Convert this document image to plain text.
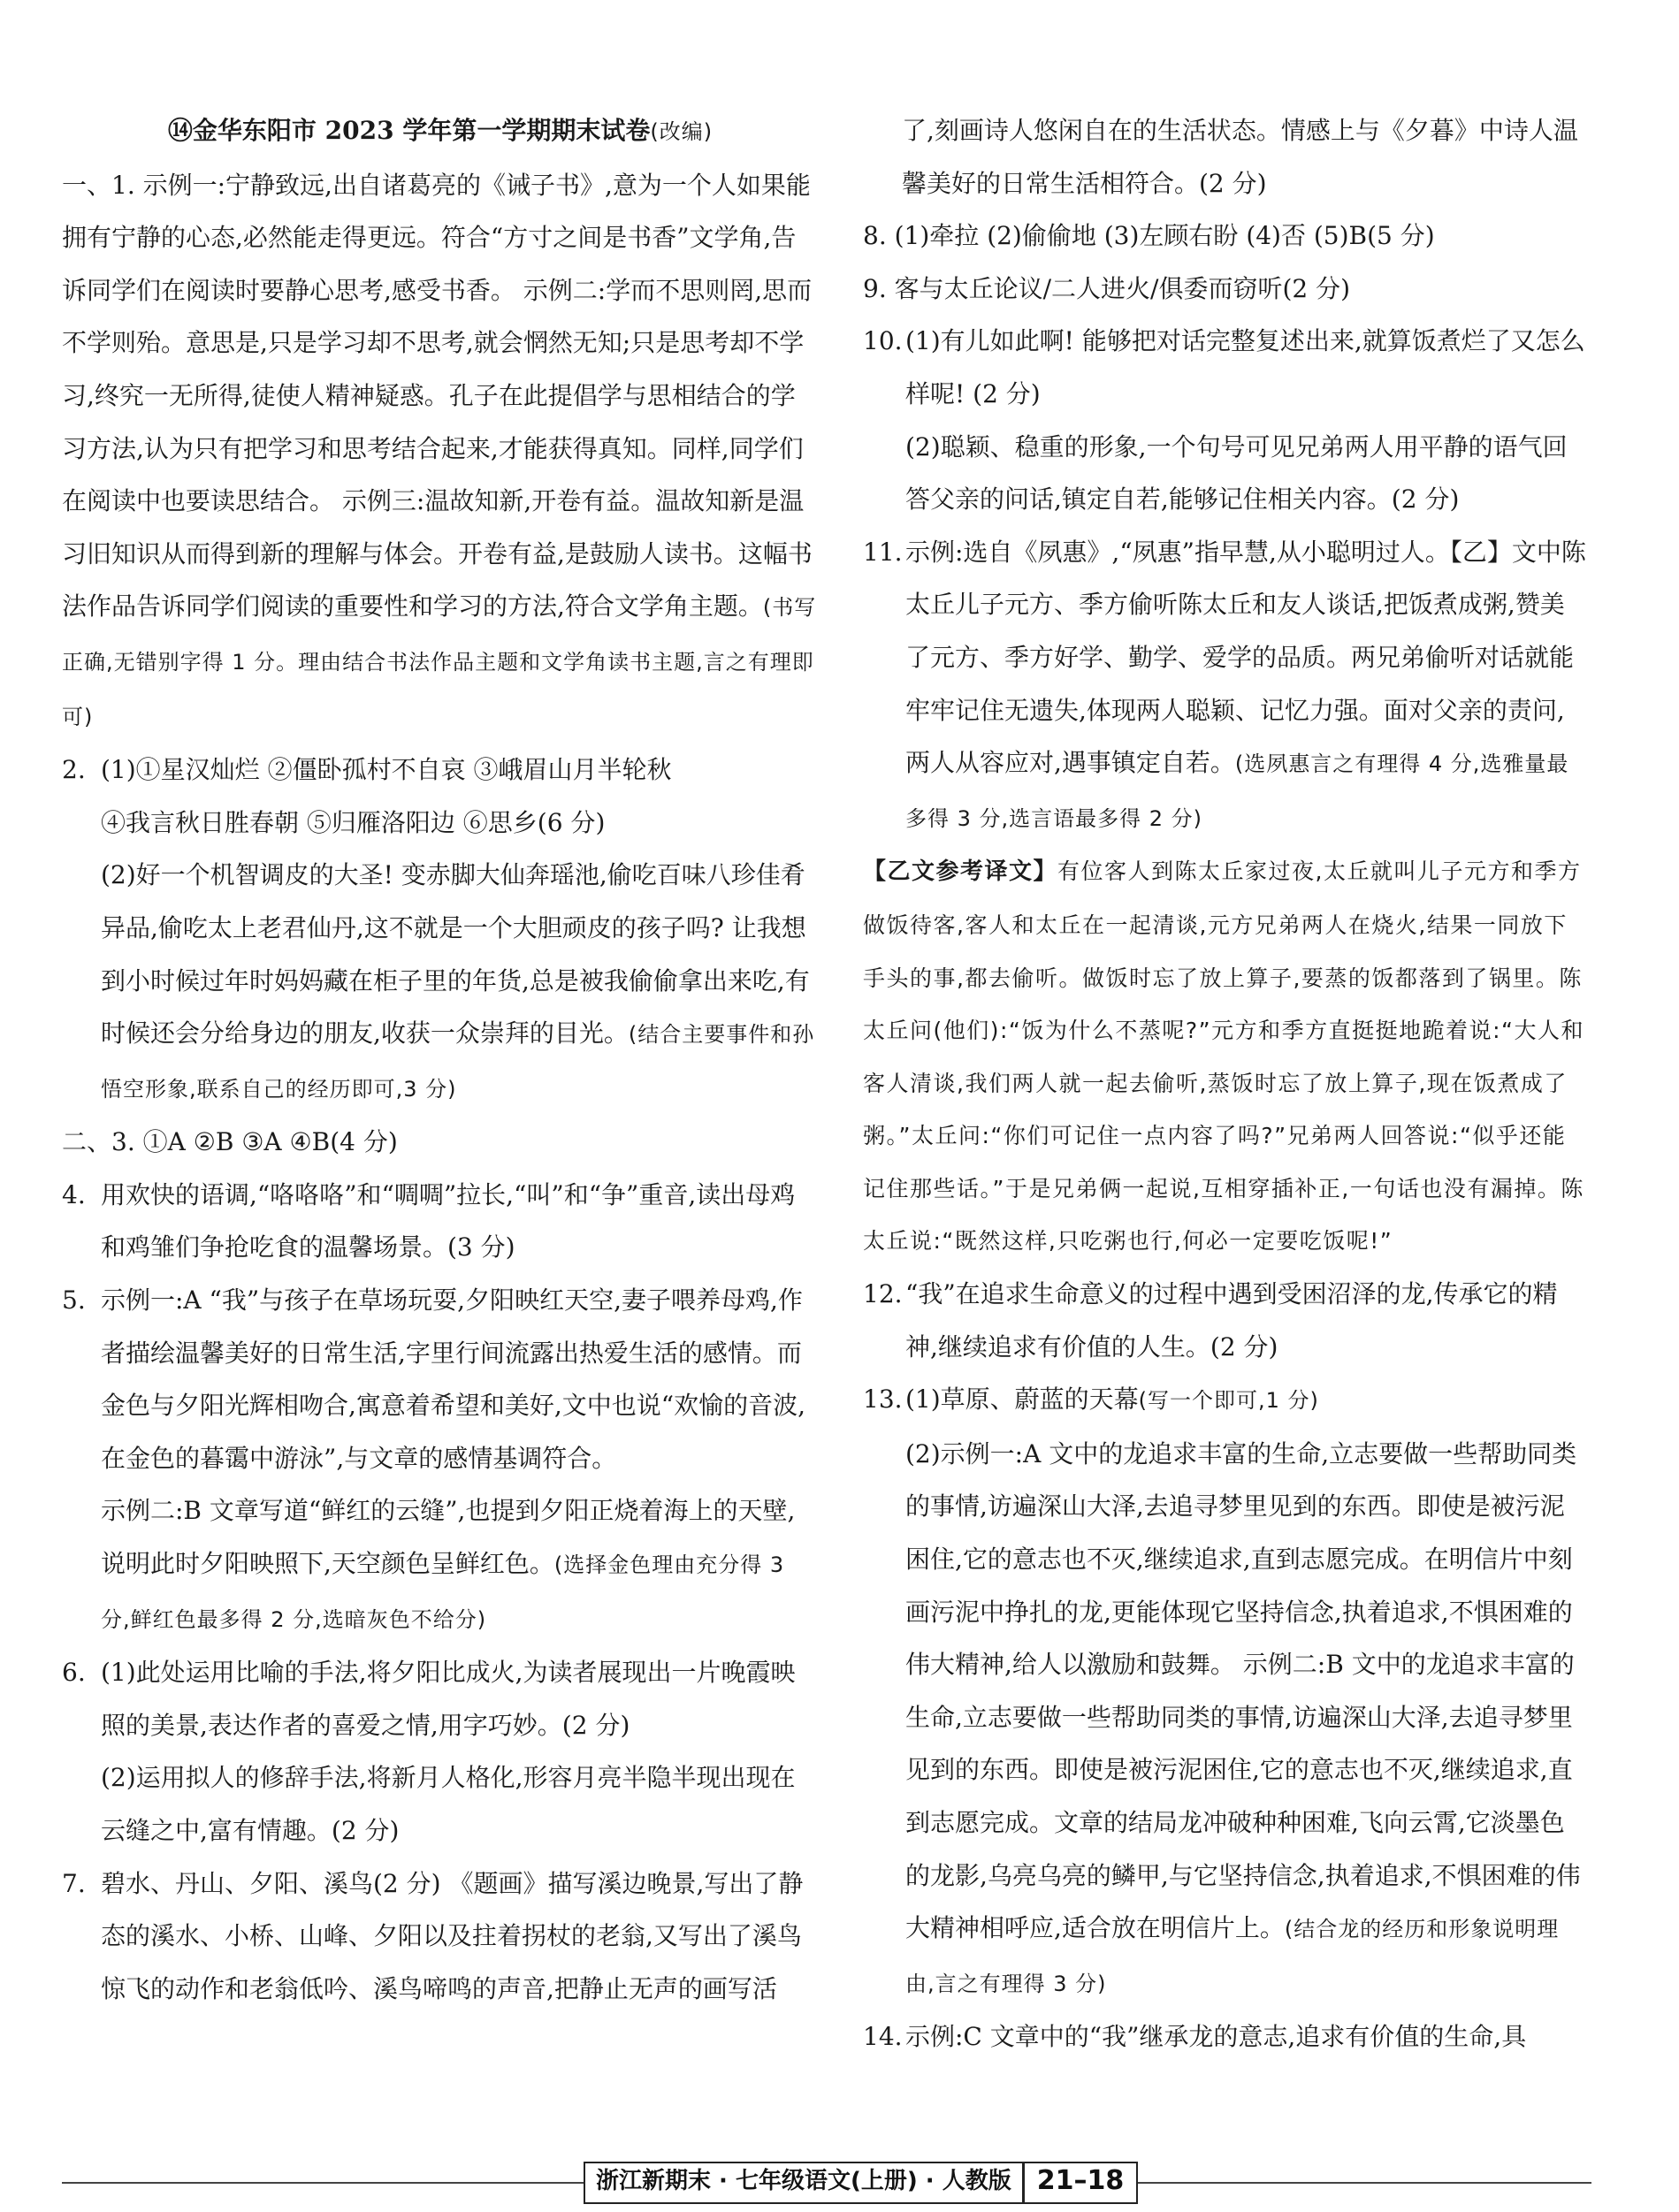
⑭金华东阳市 2023 学年第一学期期末试卷(改编)

一、1. 示例一:宁静致远,出自诸葛亮的《诫子书》,意为一个人如果能拥有宁静的心态,必然能走得更远。符合“方寸之间是书香”文学角,告诉同学们在阅读时要静心思考,感受书香。 示例二:学而不思则罔,思而不学则殆。意思是,只是学习却不思考,就会惘然无知;只是思考却不学习,终究一无所得,徒使人精神疑惑。孔子在此提倡学与思相结合的学习方法,认为只有把学习和思考结合起来,才能获得真知。同样,同学们在阅读中也要读思结合。 示例三:温故知新,开卷有益。温故知新是温习旧知识从而得到新的理解与体会。开卷有益,是鼓励人读书。这幅书法作品告诉同学们阅读的重要性和学习的方法,符合文学角主题。(书写正确,无错别字得 1 分。理由结合书法作品主题和文学角读书主题,言之有理即可)

2. (1)①星汉灿烂 ②僵卧孤村不自哀 ③峨眉山月半轮秋

④我言秋日胜春朝 ⑤归雁洛阳边 ⑥思乡(6 分)

(2)好一个机智调皮的大圣! 变赤脚大仙奔瑶池,偷吃百味八珍佳肴异品,偷吃太上老君仙丹,这不就是一个大胆顽皮的孩子吗? 让我想到小时候过年时妈妈藏在柜子里的年货,总是被我偷偷拿出来吃,有时候还会分给身边的朋友,收获一众崇拜的目光。(结合主要事件和孙悟空形象,联系自己的经历即可,3 分)

二、3. ①A ②B ③A ④B(4 分)
4. 用欢快的语调,“咯咯咯”和“啁啁”拉长,“叫”和“争”重音,读出母鸡和鸡雏们争抢吃食的温馨场景。(3 分)

5. 示例一:A “我”与孩子在草场玩耍,夕阳映红天空,妻子喂养母鸡,作者描绘温馨美好的日常生活,字里行间流露出热爱生活的感情。而金色与夕阳光辉相吻合,寓意着希望和美好,文中也说“欢愉的音波,在金色的暮霭中游泳”,与文章的感情基调符合。

示例二:B 文章写道“鲜红的云缝”,也提到夕阳正烧着海上的天壁,说明此时夕阳映照下,天空颜色呈鲜红色。(选择金色理由充分得 3 分,鲜红色最多得 2 分,选暗灰色不给分)

6. (1)此处运用比喻的手法,将夕阳比成火,为读者展现出一片晚霞映照的美景,表达作者的喜爱之情,用字巧妙。(2 分)

(2)运用拟人的修辞手法,将新月人格化,形容月亮半隐半现出现在云缝之中,富有情趣。(2 分)

7. 碧水、丹山、夕阳、溪鸟(2 分) 《题画》描写溪边晚景,写出了静态的溪水、小桥、山峰、夕阳以及拄着拐杖的老翁,又写出了溪鸟惊飞的动作和老翁低吟、溪鸟啼鸣的声音,把静止无声的画写活

了,刻画诗人悠闲自在的生活状态。情感上与《夕暮》中诗人温馨美好的日常生活相符合。(2 分)

8. (1)牵拉 (2)偷偷地 (3)左顾右盼 (4)否 (5)B(5 分)
9. 客与太丘论议/二人进火/俱委而窃听(2 分)
10. (1)有儿如此啊! 能够把对话完整复述出来,就算饭煮烂了又怎么样呢! (2 分)

(2)聪颖、稳重的形象,一个句号可见兄弟两人用平静的语气回答父亲的问话,镇定自若,能够记住相关内容。(2 分)

11. 示例:选自《夙惠》,“夙惠”指早慧,从小聪明过人。【乙】文中陈太丘儿子元方、季方偷听陈太丘和友人谈话,把饭煮成粥,赞美了元方、季方好学、勤学、爱学的品质。两兄弟偷听对话就能牢牢记住无遗失,体现两人聪颖、记忆力强。面对父亲的责问,两人从容应对,遇事镇定自若。(选夙惠言之有理得 4 分,选雅量最多得 3 分,选言语最多得 2 分)

【乙文参考译文】有位客人到陈太丘家过夜,太丘就叫儿子元方和季方做饭待客,客人和太丘在一起清谈,元方兄弟两人在烧火,结果一同放下手头的事,都去偷听。做饭时忘了放上算子,要蒸的饭都落到了锅里。陈太丘问(他们):“饭为什么不蒸呢?”元方和季方直挺挺地跪着说:“大人和客人清谈,我们两人就一起去偷听,蒸饭时忘了放上算子,现在饭煮成了粥。”太丘问:“你们可记住一点内容了吗?”兄弟两人回答说:“似乎还能记住那些话。”于是兄弟俩一起说,互相穿插补正,一句话也没有漏掉。陈太丘说:“既然这样,只吃粥也行,何必一定要吃饭呢!”
12. “我”在追求生命意义的过程中遇到受困沼泽的龙,传承它的精神,继续追求有价值的人生。(2 分)

13. (1)草原、蔚蓝的天幕(写一个即可,1 分)

(2)示例一:A 文中的龙追求丰富的生命,立志要做一些帮助同类的事情,访遍深山大泽,去追寻梦里见到的东西。即使是被污泥困住,它的意志也不灭,继续追求,直到志愿完成。在明信片中刻画污泥中挣扎的龙,更能体现它坚持信念,执着追求,不惧困难的伟大精神,给人以激励和鼓舞。 示例二:B 文中的龙追求丰富的生命,立志要做一些帮助同类的事情,访遍深山大泽,去追寻梦里见到的东西。即使是被污泥困住,它的意志也不灭,继续追求,直到志愿完成。文章的结局龙冲破种种困难,飞向云霄,它淡墨色的龙影,乌亮乌亮的鳞甲,与它坚持信念,执着追求,不惧困难的伟大精神相呼应,适合放在明信片上。(结合龙的经历和形象说明理由,言之有理得 3 分)

14. 示例:C 文章中的“我”继承龙的意志,追求有价值的生命,具

浙江新期末 · 七年级语文(上册) · 人教版 21–18
